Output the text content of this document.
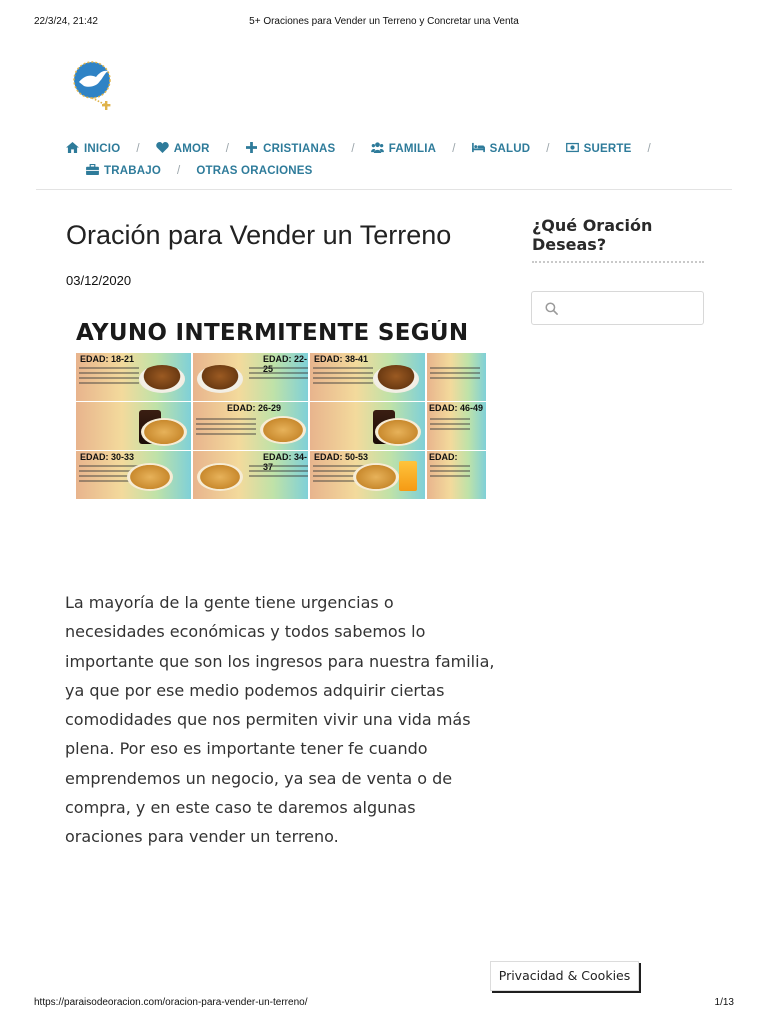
22/3/24, 21:42	5+ Oraciones para Vender un Terreno y Concretar una Venta
INICIO /	AMOR /	CRISTIANAS /	FAMILIA /	SALUD /	SUERTE /
TRABAJO / OTRAS ORACIONES
Oración para Vender un Terreno
03/12/2020
AYUNO INTERMITENTE SEGÚN
EDAD: 18-21	EDAD: 22-25
EDAD: 38-41
EDAD: 26-29	EDAD: 46-49
EDAD: 30-33	EDAD: 34-37
EDAD: 50-53	EDAD:

La mayoría de la gente tiene urgencias o necesidades económicas y todos sabemos lo importante que son los ingresos para nuestra familia, ya que por ese medio podemos adquirir ciertas comodidades que nos permiten vivir una vida más plena. Por eso es importante tener fe cuando emprendemos un negocio, ya sea de venta o de compra, y en este caso te daremos algunas oraciones para vender un terreno.

¿Qué Oración Deseas?
Privacidad & Cookies
https://paraisodeoracion.com/oracion-para-vender-un-terreno/	1/13
